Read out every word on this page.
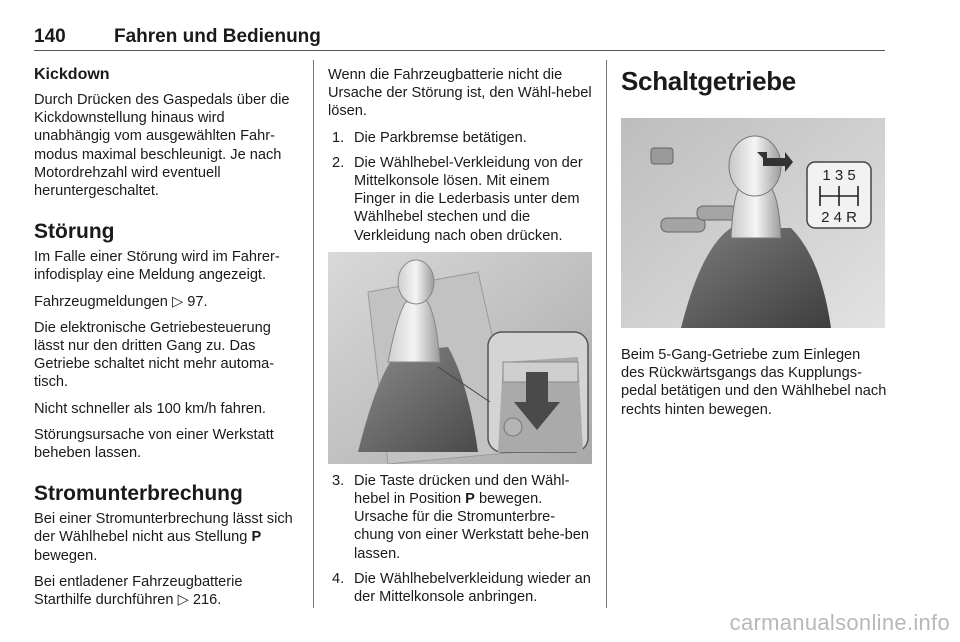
140	Fahren und Bedienung
Kickdown

Durch Drücken des Gaspedals über die Kickdownstellung hinaus wird unabhängig vom ausgewählten Fahr-modus maximal beschleunigt. Je nach Motordrehzahl wird eventuell heruntergeschaltet.

Störung

Im Falle einer Störung wird im Fahrer-infodisplay eine Meldung angezeigt.

Fahrzeugmeldungen ▷ 97.

Die elektronische Getriebesteuerung lässt nur den dritten Gang zu. Das Getriebe schaltet nicht mehr automa-tisch.

Nicht schneller als 100 km/h fahren.

Störungsursache von einer Werkstatt beheben lassen.

Stromunterbrechung

Bei einer Stromunterbrechung lässt sich der Wählhebel nicht aus Stellung P bewegen.

Bei entladener Fahrzeugbatterie Starthilfe durchführen ▷ 216.

Wenn die Fahrzeugbatterie nicht die Ursache der Störung ist, den Wähl-hebel lösen.

1. Die Parkbremse betätigen.
2. Die Wählhebel-Verkleidung von der Mittelkonsole lösen. Mit einem Finger in die Lederbasis unter dem Wählhebel stechen und die Verkleidung nach oben drücken.
3. Die Taste drücken und den Wähl-hebel in Position P bewegen. Ursache für die Stromunterbre-chung von einer Werkstatt behe-ben lassen.
4. Die Wählhebelverkleidung wieder an der Mittelkonsole anbringen.
Schaltgetriebe
1 3 5
2 4 R

Beim 5-Gang-Getriebe zum Einlegen des Rückwärtsgangs das Kupplungs-pedal betätigen und den Wählhebel nach rechts hinten bewegen.

carmanualsonline.info
